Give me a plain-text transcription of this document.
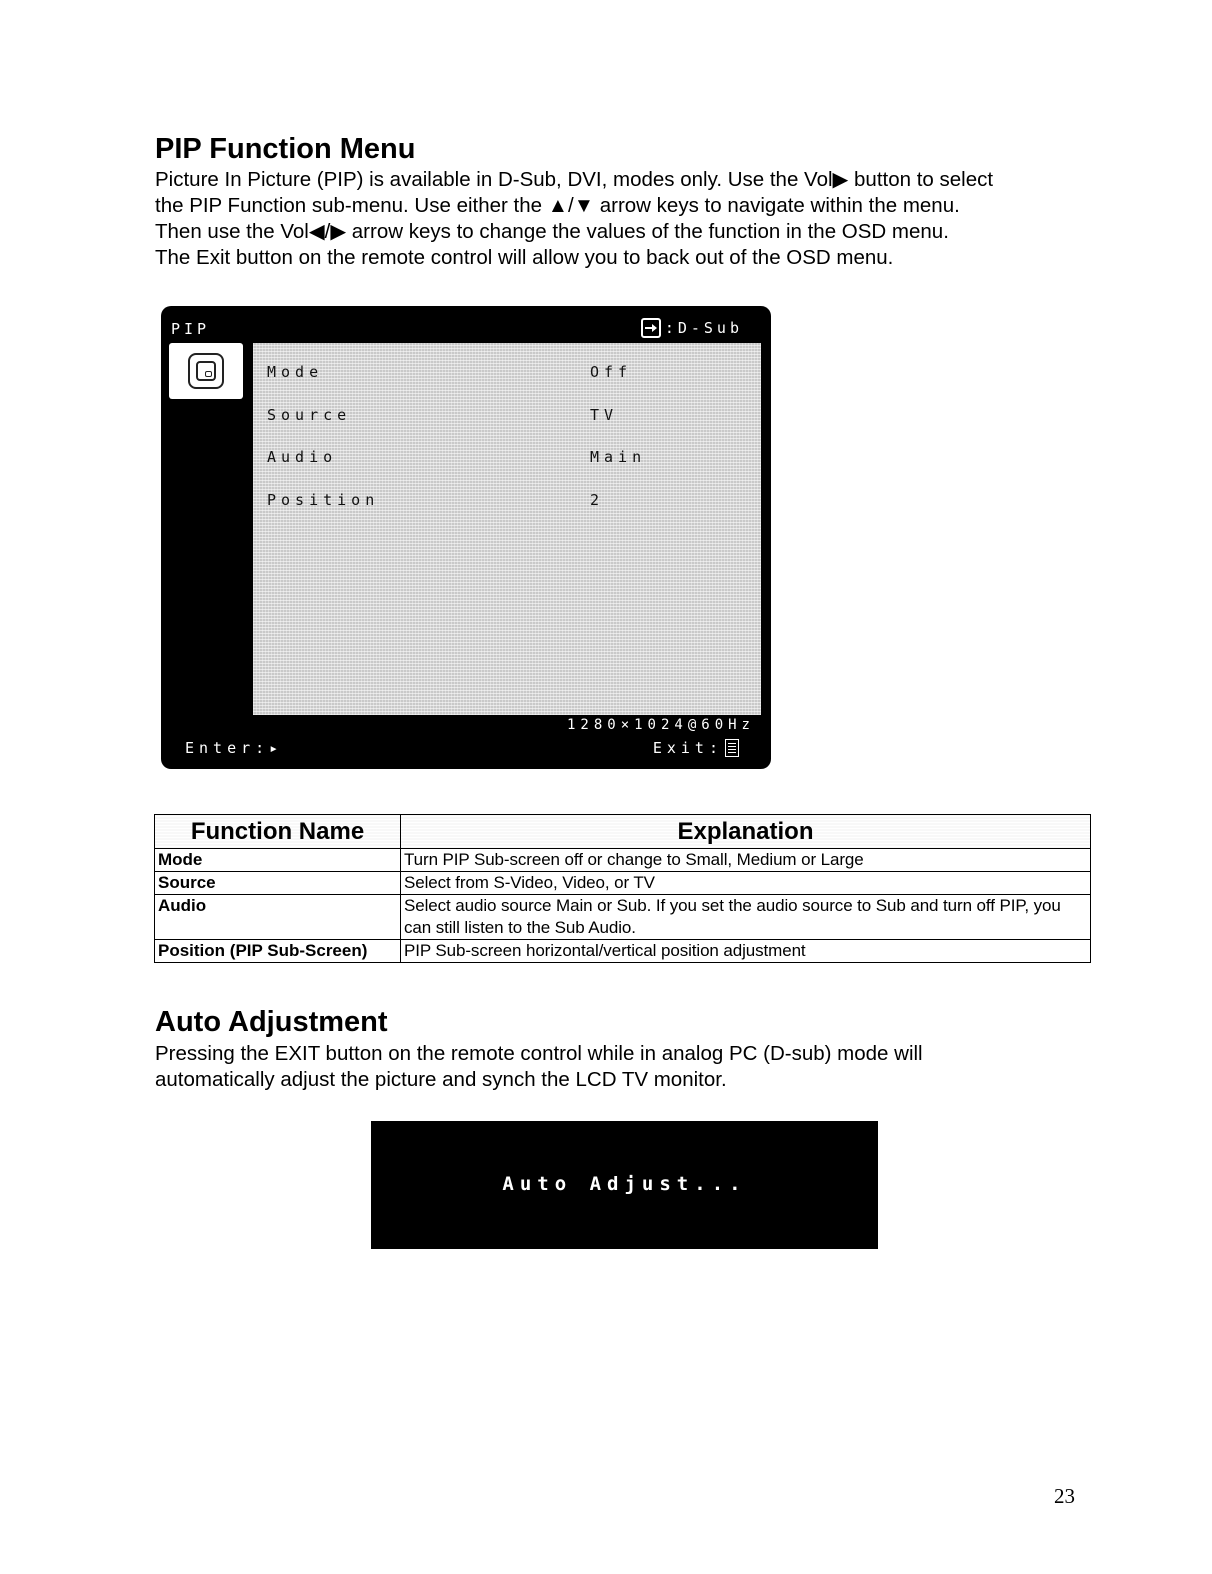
PIP Function Menu

Picture In Picture (PIP) is available in D-Sub, DVI, modes only. Use the Vol▶ button to select

the PIP Function sub-menu. Use either the ▲/▼ arrow keys to navigate within the menu.

Then use the Vol◀/▶ arrow keys to change the values of the function in the OSD menu.

The Exit button on the remote control will allow you to back out of the OSD menu.

PIP	:D-Sub
Mode	Off
Source	TV
Audio	Main
Position	2
1280×1024@60Hz
Enter:▸	Exit:
Function Name	Explanation
Mode	Turn PIP Sub-screen off or change to Small, Medium or Large
Source	Select from S-Video, Video, or TV
Audio	Select audio source Main or Sub. If you set the audio source to Sub and turn off PIP, you can still listen to the Sub Audio.
Position (PIP Sub-Screen)	PIP Sub-screen horizontal/vertical position adjustment
Auto Adjustment

Pressing the EXIT button on the remote control while in analog PC (D-sub) mode will

automatically adjust the picture and synch the LCD TV monitor.

Auto Adjust...
23
